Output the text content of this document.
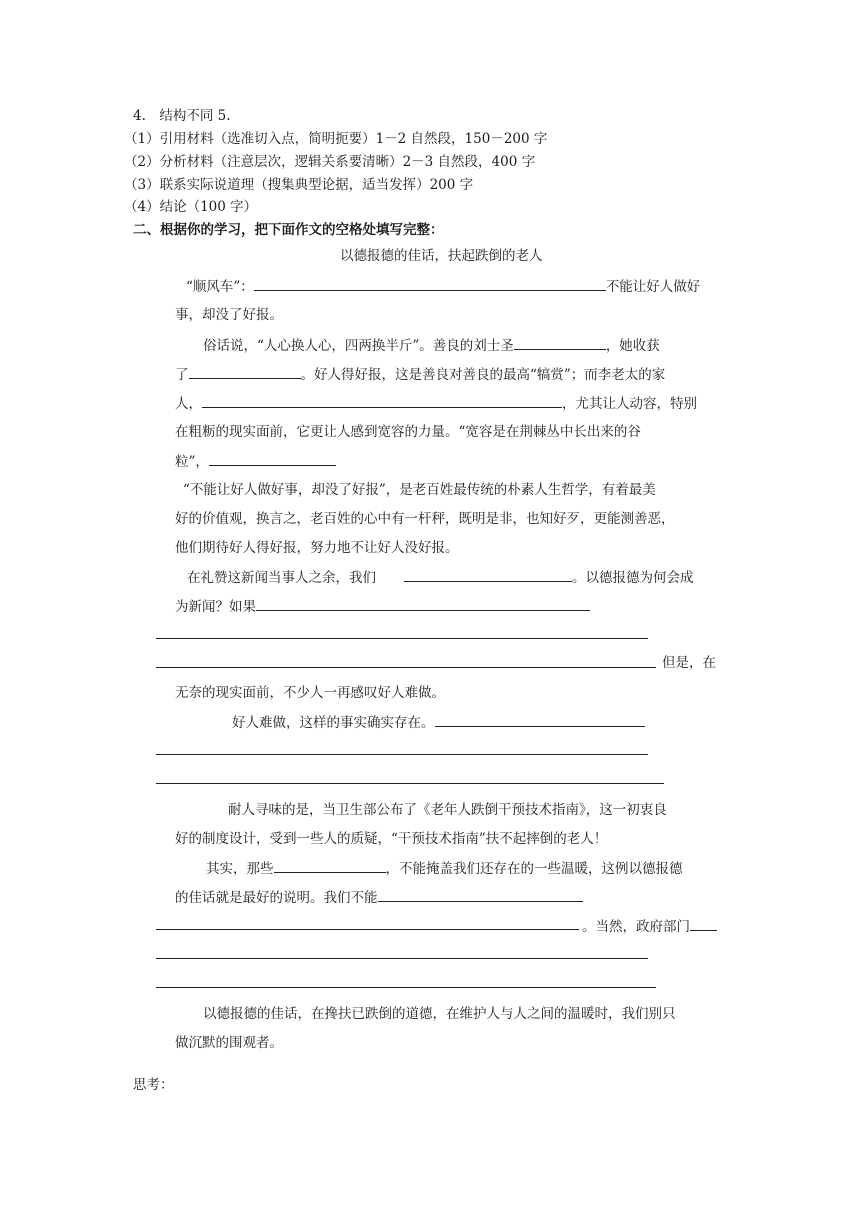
4.　结构不同 5.
（1）引用材料（选准切入点，简明扼要）1－2 自然段，150－200 字
（2）分析材料（注意层次，逻辑关系要清晰）2－3 自然段，400 字
（3）联系实际说道理（搜集典型论据，适当发挥）200 字
（4）结论（100 字）
二、根据你的学习，把下面作文的空格处填写完整：
以德报德的佳话，扶起跌倒的老人
“顺风车”：	不能让好人做好
事，却没了好报。
俗话说，“人心换人心，四两换半斤”。善良的刘士圣	，她收获
了	。好人得好报，这是善良对善良的最高“犒赏”；而李老太的家
人，	，尤其让人动容，特别
在粗粝的现实面前，它更让人感到宽容的力量。“宽容是在荆棘丛中长出来的谷
粒”，
“不能让好人做好事，却没了好报”，是老百姓最传统的朴素人生哲学，有着最美
好的价值观，换言之，老百姓的心中有一杆秤，既明是非，也知好歹，更能测善恶，
他们期待好人得好报，努力地不让好人没好报。
在礼赞这新闻当事人之余，我们	。以德报德为何会成
为新闻？如果
但是，在
无奈的现实面前，不少人一再感叹好人难做。
好人难做，这样的事实确实存在。
耐人寻味的是，当卫生部公布了《老年人跌倒干预技术指南》，这一初衷良
好的制度设计，受到一些人的质疑，“干预技术指南”扶不起摔倒的老人！
其实，那些	，不能掩盖我们还存在的一些温暖，这例以德报德
的佳话就是最好的说明。我们不能
。当然，政府部门
以德报德的佳话，在搀扶已跌倒的道德，在维护人与人之间的温暖时，我们别只
做沉默的围观者。
思考：
